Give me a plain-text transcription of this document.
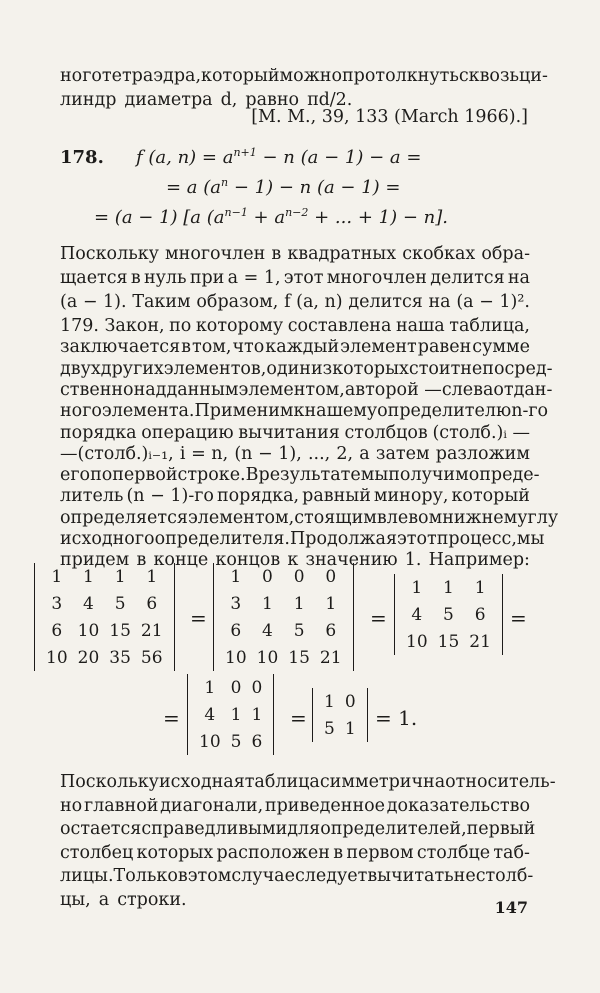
ного тетраэдра, который можно протолкнуть сквозь ци-
линдр диаметра d, равно πd/2.
[M. M., 39, 133 (March 1966).]
178. f (a, $n) = a^{n+1} - n$ (a − 1) − a =
= a $(a^n - 1) - n$ (a − 1) =
= (a − 1) [a ($a^{n-1} + a^{n-2}$ + ... + 1) − n].
Поскольку многочлен в квадратных скобках обра-
щается в нуль при a = 1, этот многочлен делится на
(a − 1). Таким образом, f (a, n) делится на (a − 1)².
179. Закон, по которому составлена наша таблица,
заключается в том, что каждый элемент равен сумме
двух других элементов, один из которых стоит непосред-
ственно над данным элементом, а второй — слева от дан-
ного элемента. Применим к нашему определителю n-го
порядка операцию вычитания столбцов (столб.)ᵢ —
—(столб.)ᵢ₋₁, i = n, (n − 1), ..., 2, а затем разложим
его по первой строке. В результате мы получим опреде-
литель (n − 1)-го порядка, равный минору, который
определяется элементом, стоящим в левом нижнем углу
исходного определителя. Продолжая этот процесс, мы
придем в конце концов к значению 1. Например:
1	1	1	1
3	4	5	6
6	10	15	21
10	20	35	56
=
1	0	0	0
3	1	1	1
6	4	5	6
10	10	15	21
=
1	1	1
4	5	6
10	15	21
=
=
1	0	0
4	1	1
10	5	6
=
1	0
5	1 = 1.
Поскольку исходная таблица симметрична относитель-
но главной диагонали, приведенное доказательство
остается справедливым и для определителей, первый
столбец которых расположен в первом столбце таб-
лицы. Только в этом случае следует вычитать не столб-
цы, а строки.	147
